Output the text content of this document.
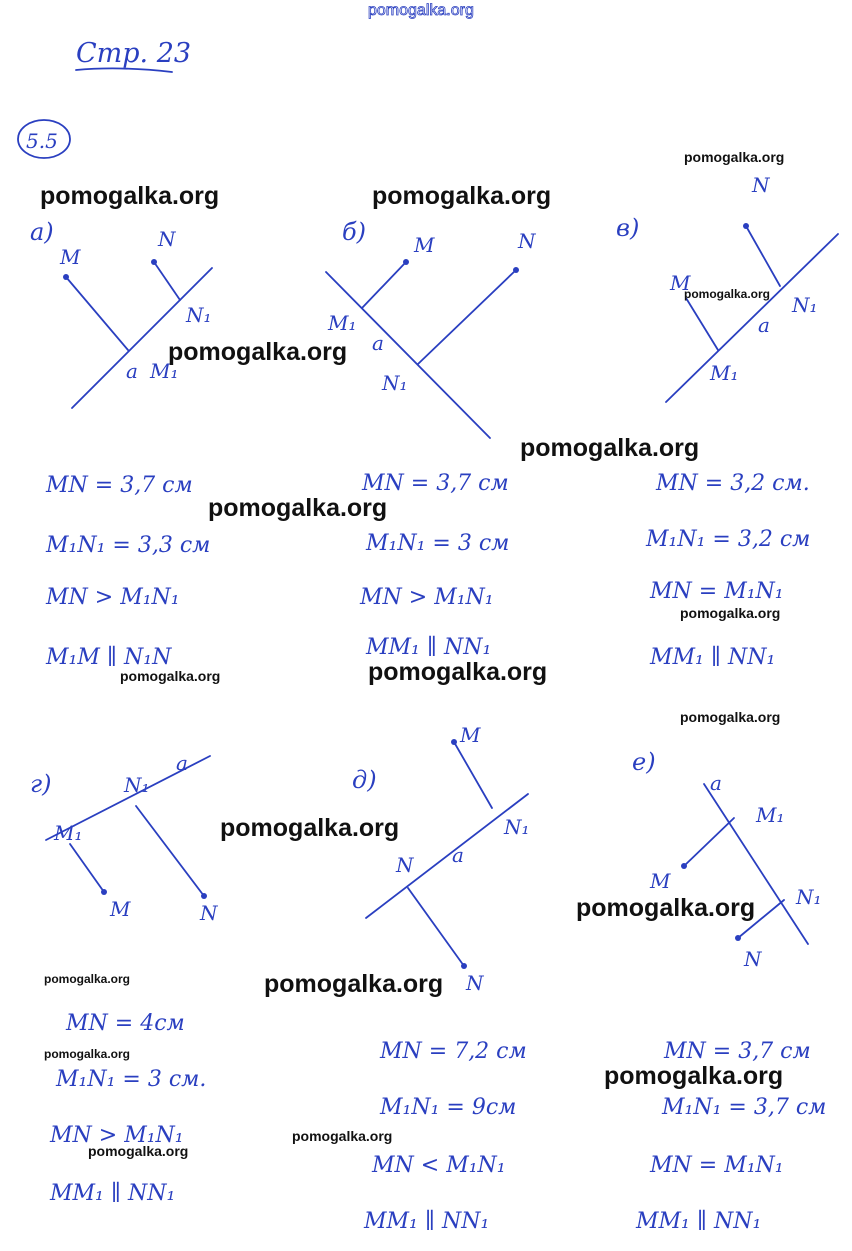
pomogalka.org
Стр. 23
5.5
а)
M
N
N₁
M₁
a
б) M	N
M₁
N₁
a
в)
N
M
N₁
M₁
a
MN = 3,7 см
M₁N₁ = 3,3 см
MN > M₁N₁
M₁M ∥ N₁N
MN = 3,7 см
M₁N₁ = 3 см
MN > M₁N₁
MM₁ ∥ NN₁
MN = 3,2 см.
M₁N₁ = 3,2 см
MN = M₁N₁
MM₁ ∥ NN₁
г)	N₁
a
M₁
M	N
д)
M
N₁
N a
N
е)
a
M₁
M
N₁
N
MN = 4см
M₁N₁ = 3 см.
MN > M₁N₁
MM₁ ∥ NN₁
MN = 7,2 см
M₁N₁ = 9см
MN < M₁N₁
MM₁ ∥ NN₁
MN = 3,7 см
M₁N₁ = 3,7 см
MN = M₁N₁
MM₁ ∥ NN₁
pomogalka.org	pomogalka.org
pomogalka.org
pomogalka.org
pomogalka.org
pomogalka.org
pomogalka.org
pomogalka.org
pomogalka.org	pomogalka.org
pomogalka.org
pomogalka.org
pomogalka.org
pomogalka.org
pomogalka.org
pomogalka.org
pomogalka.org
pomogalka.org
pomogalka.org
